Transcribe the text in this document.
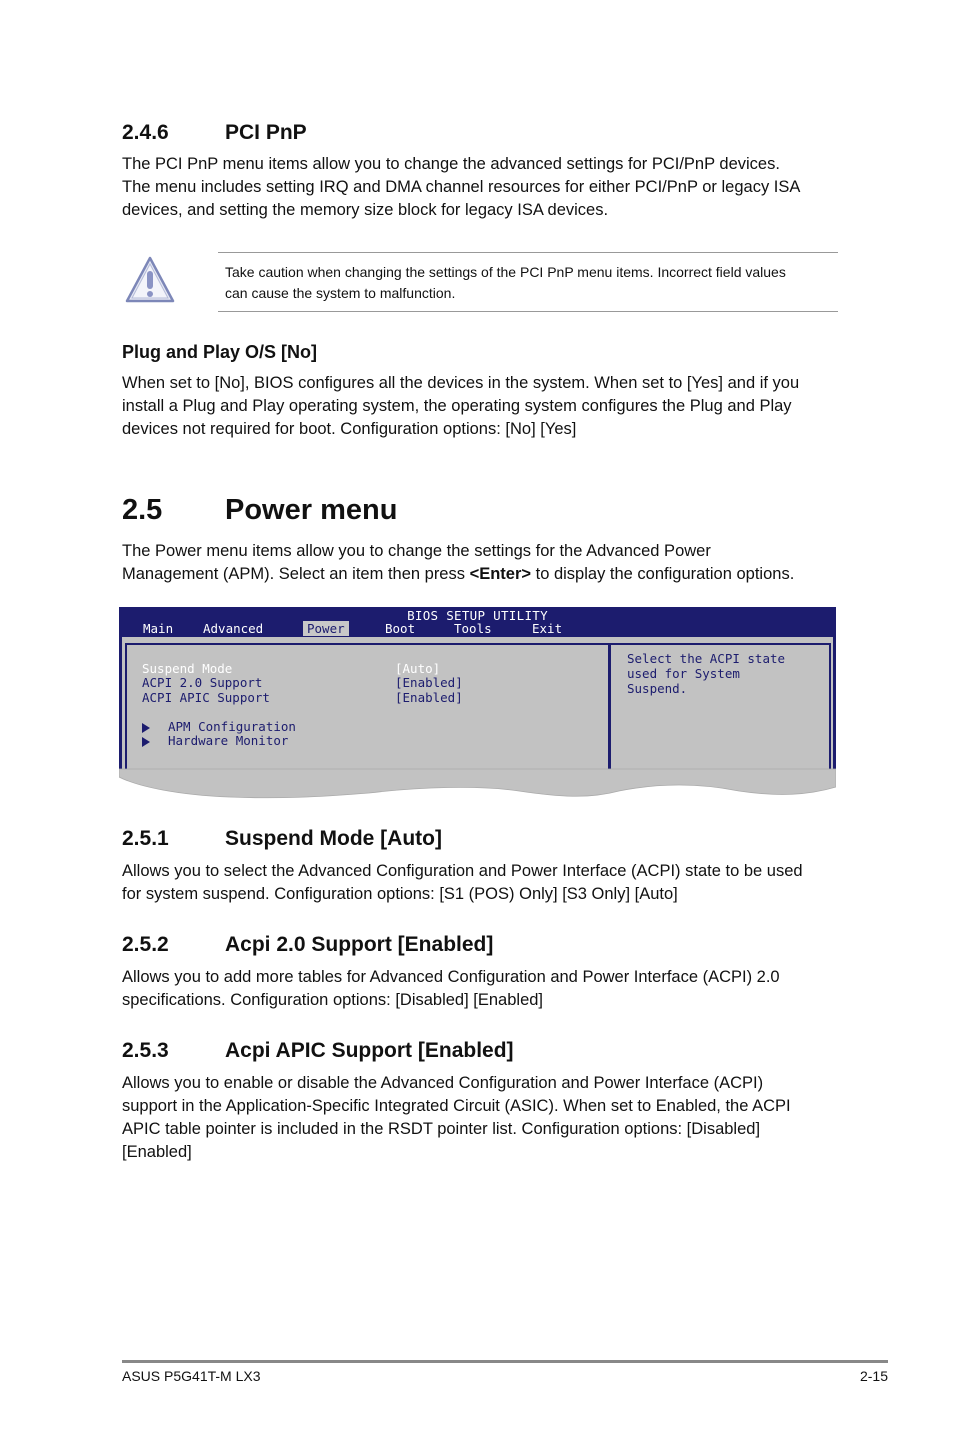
2.4.6	PCI PnP
The PCI PnP menu items allow you to change the advanced settings for PCI/PnP devices.
The menu includes setting IRQ and DMA channel resources for either PCI/PnP or legacy ISA
devices, and setting the memory size block for legacy ISA devices.
Take caution when changing the settings of the PCI PnP menu items. Incorrect field values
can cause the system to malfunction.
Plug and Play O/S [No]
When set to [No], BIOS configures all the devices in the system. When set to [Yes] and if you
install a Plug and Play operating system, the operating system configures the Plug and Play
devices not required for boot. Configuration options: [No] [Yes]
2.5 Power menu
The Power menu items allow you to change the settings for the Advanced Power
Management (APM). Select an item then press <Enter> to display the configuration options.
BIOS SETUP UTILITY
Main Advanced	Power	Boot	Tools	Exit
Suspend Mode	[Auto]
ACPI 2.0 Support	[Enabled]
ACPI APIC Support	[Enabled]
APM Configuration
Hardware Monitor
Select the ACPI state
used for System
Suspend.
2.5.1	Suspend Mode [Auto]
Allows you to select the Advanced Configuration and Power Interface (ACPI) state to be used
for system suspend. Configuration options: [S1 (POS) Only] [S3 Only] [Auto]
2.5.2	Acpi 2.0 Support [Enabled]
Allows you to add more tables for Advanced Configuration and Power Interface (ACPI) 2.0
specifications. Configuration options: [Disabled] [Enabled]
2.5.3	Acpi APIC Support [Enabled]
Allows you to enable or disable the Advanced Configuration and Power Interface (ACPI)
support in the Application-Specific Integrated Circuit (ASIC). When set to Enabled, the ACPI
APIC table pointer is included in the RSDT pointer list. Configuration options: [Disabled]
[Enabled]
ASUS P5G41T-M LX3	2-15
